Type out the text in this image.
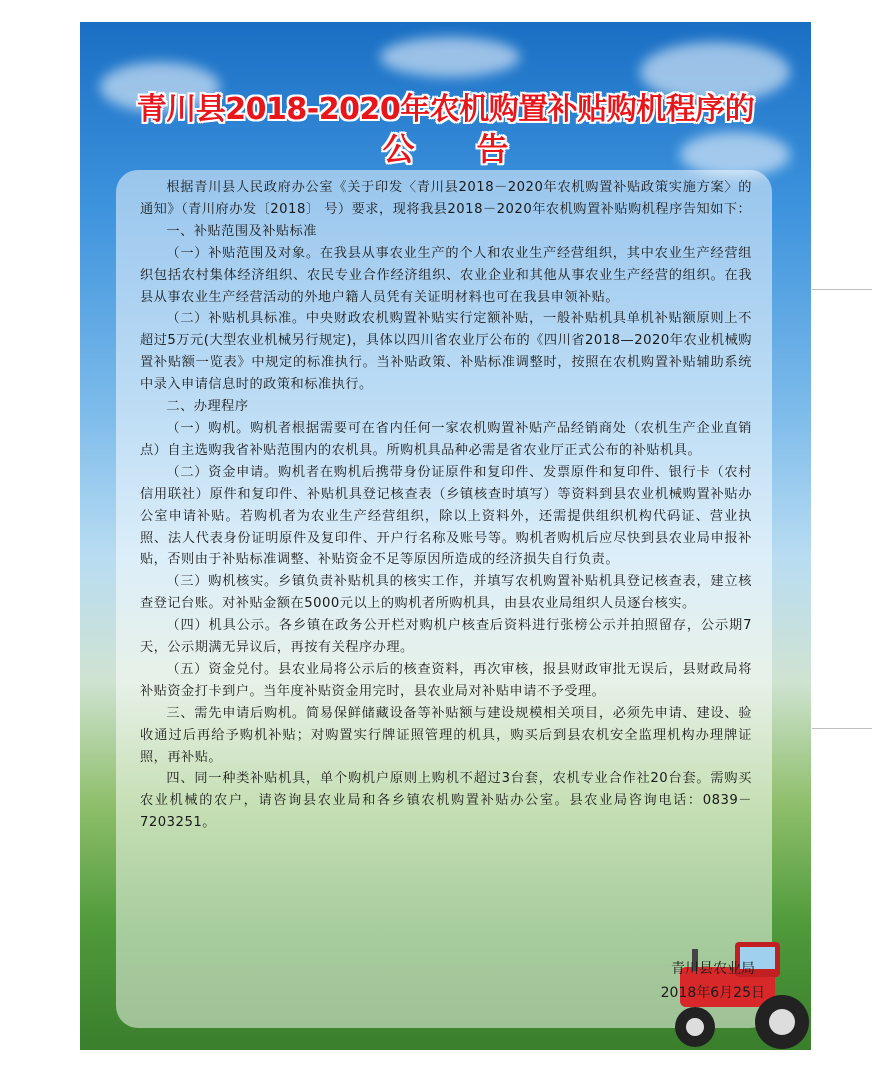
青川县2018-2020年农机购置补贴购机程序的
公告
青川县农业局
2018年6月25日

根据青川县人民政府办公室《关于印发〈青川县2018－2020年农机购置补贴政策实施方案〉的通知》（青川府办发〔2018〕 号）要求，现将我县2018－2020年农机购置补贴购机程序告知如下：

一、补贴范围及补贴标准

（一）补贴范围及对象。在我县从事农业生产的个人和农业生产经营组织，其中农业生产经营组织包括农村集体经济组织、农民专业合作经济组织、农业企业和其他从事农业生产经营的组织。在我县从事农业生产经营活动的外地户籍人员凭有关证明材料也可在我县申领补贴。

（二）补贴机具标准。中央财政农机购置补贴实行定额补贴，一般补贴机具单机补贴额原则上不超过5万元(大型农业机械另行规定)，具体以四川省农业厅公布的《四川省2018—2020年农业机械购置补贴额一览表》中规定的标准执行。当补贴政策、补贴标准调整时，按照在农机购置补贴辅助系统中录入申请信息时的政策和标准执行。

二、办理程序

（一）购机。购机者根据需要可在省内任何一家农机购置补贴产品经销商处（农机生产企业直销点）自主选购我省补贴范围内的农机具。所购机具品种必需是省农业厅正式公布的补贴机具。

（二）资金申请。购机者在购机后携带身份证原件和复印件、发票原件和复印件、银行卡（农村信用联社）原件和复印件、补贴机具登记核查表（乡镇核查时填写）等资料到县农业机械购置补贴办公室申请补贴。若购机者为农业生产经营组织，除以上资料外，还需提供组织机构代码证、营业执照、法人代表身份证明原件及复印件、开户行名称及账号等。购机者购机后应尽快到县农业局申报补贴，否则由于补贴标准调整、补贴资金不足等原因所造成的经济损失自行负责。

（三）购机核实。乡镇负责补贴机具的核实工作，并填写农机购置补贴机具登记核查表，建立核查登记台账。对补贴金额在5000元以上的购机者所购机具，由县农业局组织人员逐台核实。

（四）机具公示。各乡镇在政务公开栏对购机户核查后资料进行张榜公示并拍照留存，公示期7天，公示期满无异议后，再按有关程序办理。

（五）资金兑付。县农业局将公示后的核查资料，再次审核，报县财政审批无误后，县财政局将补贴资金打卡到户。当年度补贴资金用完时，县农业局对补贴申请不予受理。

三、需先申请后购机。简易保鲜储藏设备等补贴额与建设规模相关项目，必须先申请、建设、验收通过后再给予购机补贴；对购置实行牌证照管理的机具，购买后到县农机安全监理机构办理牌证照，再补贴。

四、同一种类补贴机具，单个购机户原则上购机不超过3台套，农机专业合作社20台套。需购买农业机械的农户，请咨询县农业局和各乡镇农机购置补贴办公室。县农业局咨询电话：0839－7203251。
